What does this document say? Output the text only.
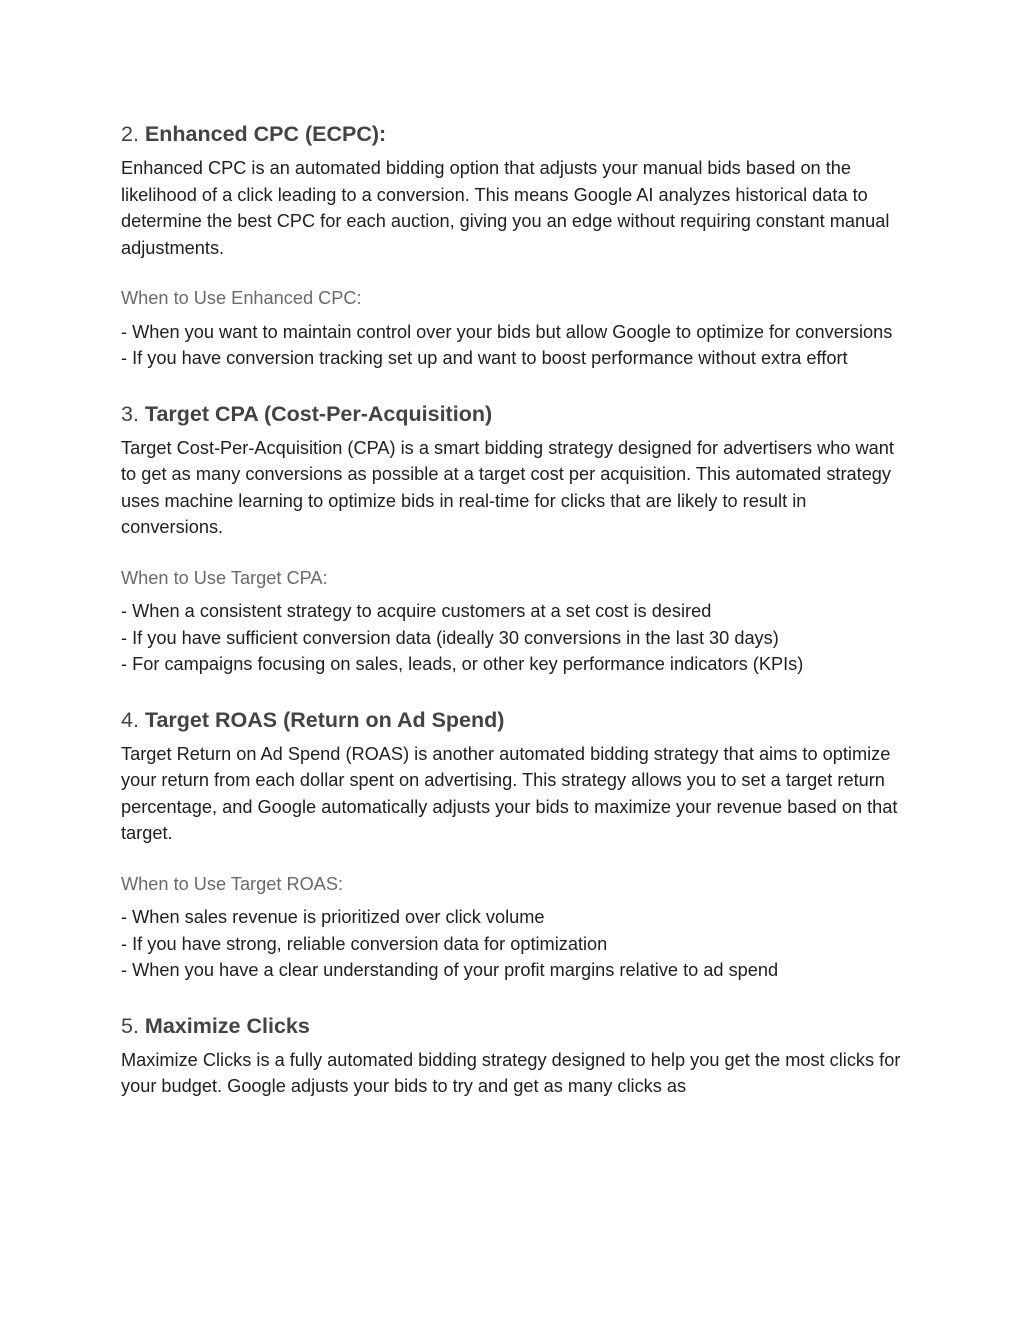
2. Enhanced CPC (ECPC):

Enhanced CPC is an automated bidding option that adjusts your manual bids based on the likelihood of a click leading to a conversion. This means Google AI analyzes historical data to determine the best CPC for each auction, giving you an edge without requiring constant manual adjustments.

When to Use Enhanced CPC:

- When you want to maintain control over your bids but allow Google to optimize for conversions
- If you have conversion tracking set up and want to boost performance without extra effort
3. Target CPA (Cost-Per-Acquisition)

Target Cost-Per-Acquisition (CPA) is a smart bidding strategy designed for advertisers who want to get as many conversions as possible at a target cost per acquisition. This automated strategy uses machine learning to optimize bids in real-time for clicks that are likely to result in conversions.

When to Use Target CPA:

- When a consistent strategy to acquire customers at a set cost is desired
- If you have sufficient conversion data (ideally 30 conversions in the last 30 days)
- For campaigns focusing on sales, leads, or other key performance indicators (KPIs)
4. Target ROAS (Return on Ad Spend)

Target Return on Ad Spend (ROAS) is another automated bidding strategy that aims to optimize your return from each dollar spent on advertising. This strategy allows you to set a target return percentage, and Google automatically adjusts your bids to maximize your revenue based on that target.

When to Use Target ROAS:

- When sales revenue is prioritized over click volume
- If you have strong, reliable conversion data for optimization
- When you have a clear understanding of your profit margins relative to ad spend
5. Maximize Clicks

Maximize Clicks is a fully automated bidding strategy designed to help you get the most clicks for your budget. Google adjusts your bids to try and get as many clicks as
